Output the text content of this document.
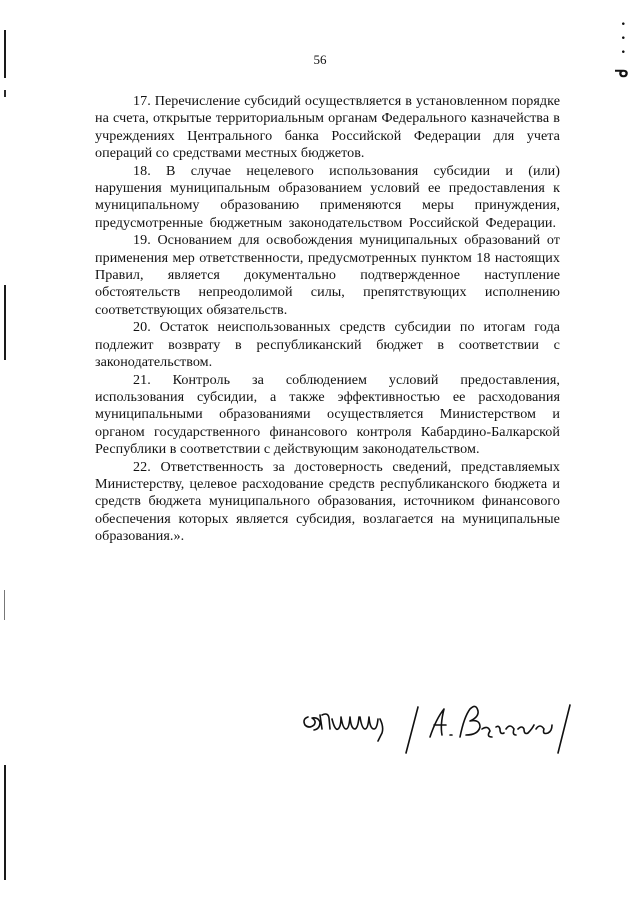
·
·
·
ᓀ
56

17. Перечисление субсидий осуществляется в установленном порядке на счета, открытые территориальным органам Федерального казначейства в учреждениях Центрального банка Российской Федерации для учета операций со средствами местных бюджетов.

18. В случае нецелевого использования субсидии и (или) нарушения муниципальным образованием условий ее предоставления к муниципальному образованию применяются меры принуждения, предусмотренные бюджетным законодательством Российской Федерации.

19. Основанием для освобождения муниципальных образований от применения мер ответственности, предусмотренных пунктом 18 настоящих Правил, является документально подтвержденное наступление обстоятельств непреодолимой силы, препятствующих исполнению соответствующих обязательств.

20. Остаток неиспользованных средств субсидии по итогам года подлежит возврату в республиканский бюджет в соответствии с законодательством.

21. Контроль за соблюдением условий предоставления, использования субсидии, а также эффективностью ее расходования муниципальными образованиями осуществляется Министерством и органом государственного финансового контроля Кабардино-Балкарской Республики в соответствии с действующим законодательством.

22. Ответственность за достоверность сведений, представляемых Министерству, целевое расходование средств республиканского бюджета и средств бюджета муниципального образования, источником финансового обеспечения которых является субсидия, возлагается на муниципальные образования.».
